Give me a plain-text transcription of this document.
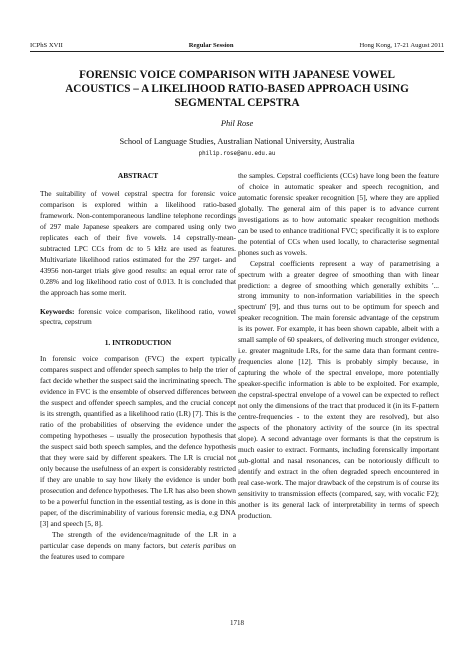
ICPhS XVII	Regular Session	Hong Kong, 17-21 August 2011
FORENSIC VOICE COMPARISON WITH JAPANESE VOWEL
ACOUSTICS – A LIKELIHOOD RATIO-BASED APPROACH USING
SEGMENTAL CEPSTRA
Phil Rose
School of Language Studies, Australian National University, Australia
philip.rose@anu.edu.au
ABSTRACT

The suitability of vowel cepstral spectra for forensic voice comparison is explored within a likelihood ratio-based framework. Non-contemporaneous landline telephone recordings of 297 male Japanese speakers are compared using only two replicates each of their five vowels. 14 cepstrally-mean-subtracted LPC CCs from dc to 5 kHz are used as features. Multivariate likelihood ratios estimated for the 297 target- and 43956 non-target trials give good results: an equal error rate of 0.28% and log likelihood ratio cost of 0.013. It is concluded that the approach has some merit.

Keywords: forensic voice comparison, likelihood ratio, vowel spectra, cepstrum

1. INTRODUCTION

In forensic voice comparison (FVC) the expert typically compares suspect and offender speech samples to help the trier of fact decide whether the suspect said the incriminating speech. The evidence in FVC is the ensemble of observed differences between the suspect and offender speech samples, and the crucial concept is its strength, quantified as a likelihood ratio (LR) [7]. This is the ratio of the probabilities of observing the evidence under the competing hypotheses – usually the prosecution hypothesis that the suspect said both speech samples, and the defence hypothesis that they were said by different speakers. The LR is crucial not only because the usefulness of an expert is considerably restricted if they are unable to say how likely the evidence is under both prosecution and defence hypotheses. The LR has also been shown to be a powerful function in the essential testing, as is done in this paper, of the discriminability of various forensic media, e.g DNA [3] and speech [5, 8].

The strength of the evidence/magnitude of the LR in a particular case depends on many factors, but ceteris paribus on the features used to compare

the samples. Cepstral coefficients (CCs) have long been the feature of choice in automatic speaker and speech recognition, and automatic forensic speaker recognition [5], where they are applied globally. The general aim of this paper is to advance current investigations as to how automatic speaker recognition methods can be used to enhance traditional FVC; specifically it is to explore the potential of CCs when used locally, to characterise segmental phones such as vowels.

Cepstral coefficients represent a way of parametrising a spectrum with a greater degree of smoothing than with linear prediction: a degree of smoothing which generally exhibits '... strong immunity to non-information variabilities in the speech spectrum' [9], and thus turns out to be optimum for speech and speaker recognition. The main forensic advantage of the cepstrum is its power. For example, it has been shown capable, albeit with a small sample of 60 speakers, of delivering much stronger evidence, i.e. greater magnitude LRs, for the same data than formant centre-frequencies alone [12]. This is probably simply because, in capturing the whole of the spectral envelope, more potentially speaker-specific information is able to be exploited. For example, the cepstral-spectral envelope of a vowel can be expected to reflect not only the dimensions of the tract that produced it (in its F-pattern centre-frequencies - to the extent they are resolved), but also aspects of the phonatory activity of the source (in its spectral slope). A second advantage over formants is that the cepstrum is much easier to extract. Formants, including forensically important sub-glottal and nasal resonances, can be notoriously difficult to identify and extract in the often degraded speech encountered in real case-work. The major drawback of the cepstrum is of course its sensitivity to transmission effects (compared, say, with vocalic F2); another is its general lack of interpretability in terms of speech production.

1718
